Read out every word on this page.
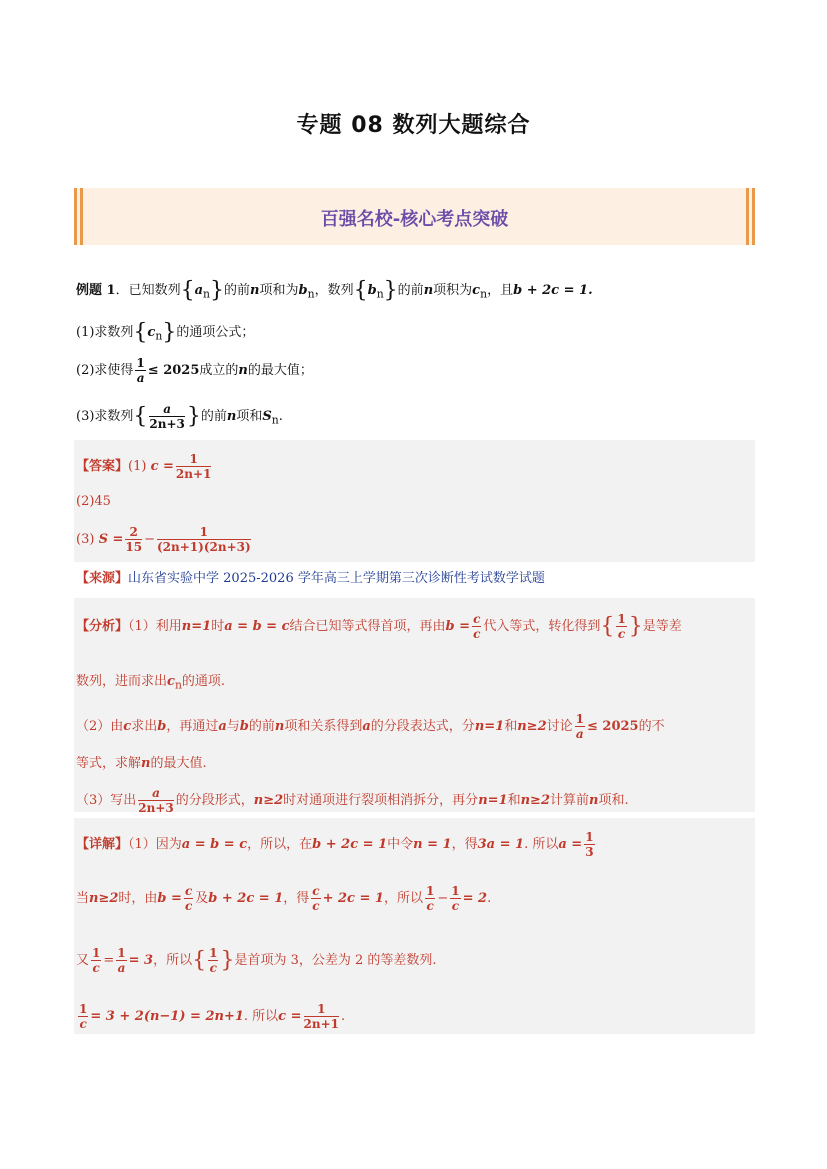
专题 08 数列大题综合
百强名校-核心考点突破
例题 1．已知数列$\{a_n\}$的前n项和为$b_n$，数列$\{b_n\}$的前n项积为$c_n$，且b + 2c = 1.
(1)求数列$\{c_n\}$的通项公式；
(2)求使得 $\frac{1}{a} \le 2025$成立的n的最大值；
(3)求数列{ $\frac{a}{2n+3}$ }的前n项和$S_n$.
【答案】(1) $c = \frac{1}{2n+1}$
(2)45
(3) $S = \frac{2}{15} - \frac{1}{(2n+1)(2n+3)}$
【来源】山东省实验中学 2025-2026 学年高三上学期第三次诊断性考试数学试题
【分析】（1）利用n=1时a = b = c结合已知等式得首项，再由$b = \frac{c}{c}$ 代入等式，转化得到{ $\frac{1}{c}$ }是等差
数列，进而求出$c_n$的通项.
（2）由c求出b，再通过a与b的前n项和关系得到a的分段表达式，分n=1和n≥2讨论 $\frac{1}{a} \le 2025$的不
等式，求解n的最大值.
（3）写出 $\frac{a}{2n+3}$ 的分段形式，n≥2时对通项进行裂项相消拆分，再分n=1和n≥2计算前n项和.
【详解】（1）因为a = b = c，所以，在b + 2c = 1中令n = 1，得3a = 1. 所以$a = \frac{1}{3}$
当n≥2时，由$b = \frac{c}{c}$ 及b + 2c = 1，得 $\frac{c}{c} + 2c = 1$，所以 $\frac{1}{c} - \frac{1}{c} = 2$.
又 $\frac{1}{c} = \frac{1}{a} = 3$，所以{ $\frac{1}{c}$ }是首项为 3，公差为 2 的等差数列.
$\frac{1}{c} = 3 + 2(n-1) = 2n+1$. 所以$c = \frac{1}{2n+1}$ .
